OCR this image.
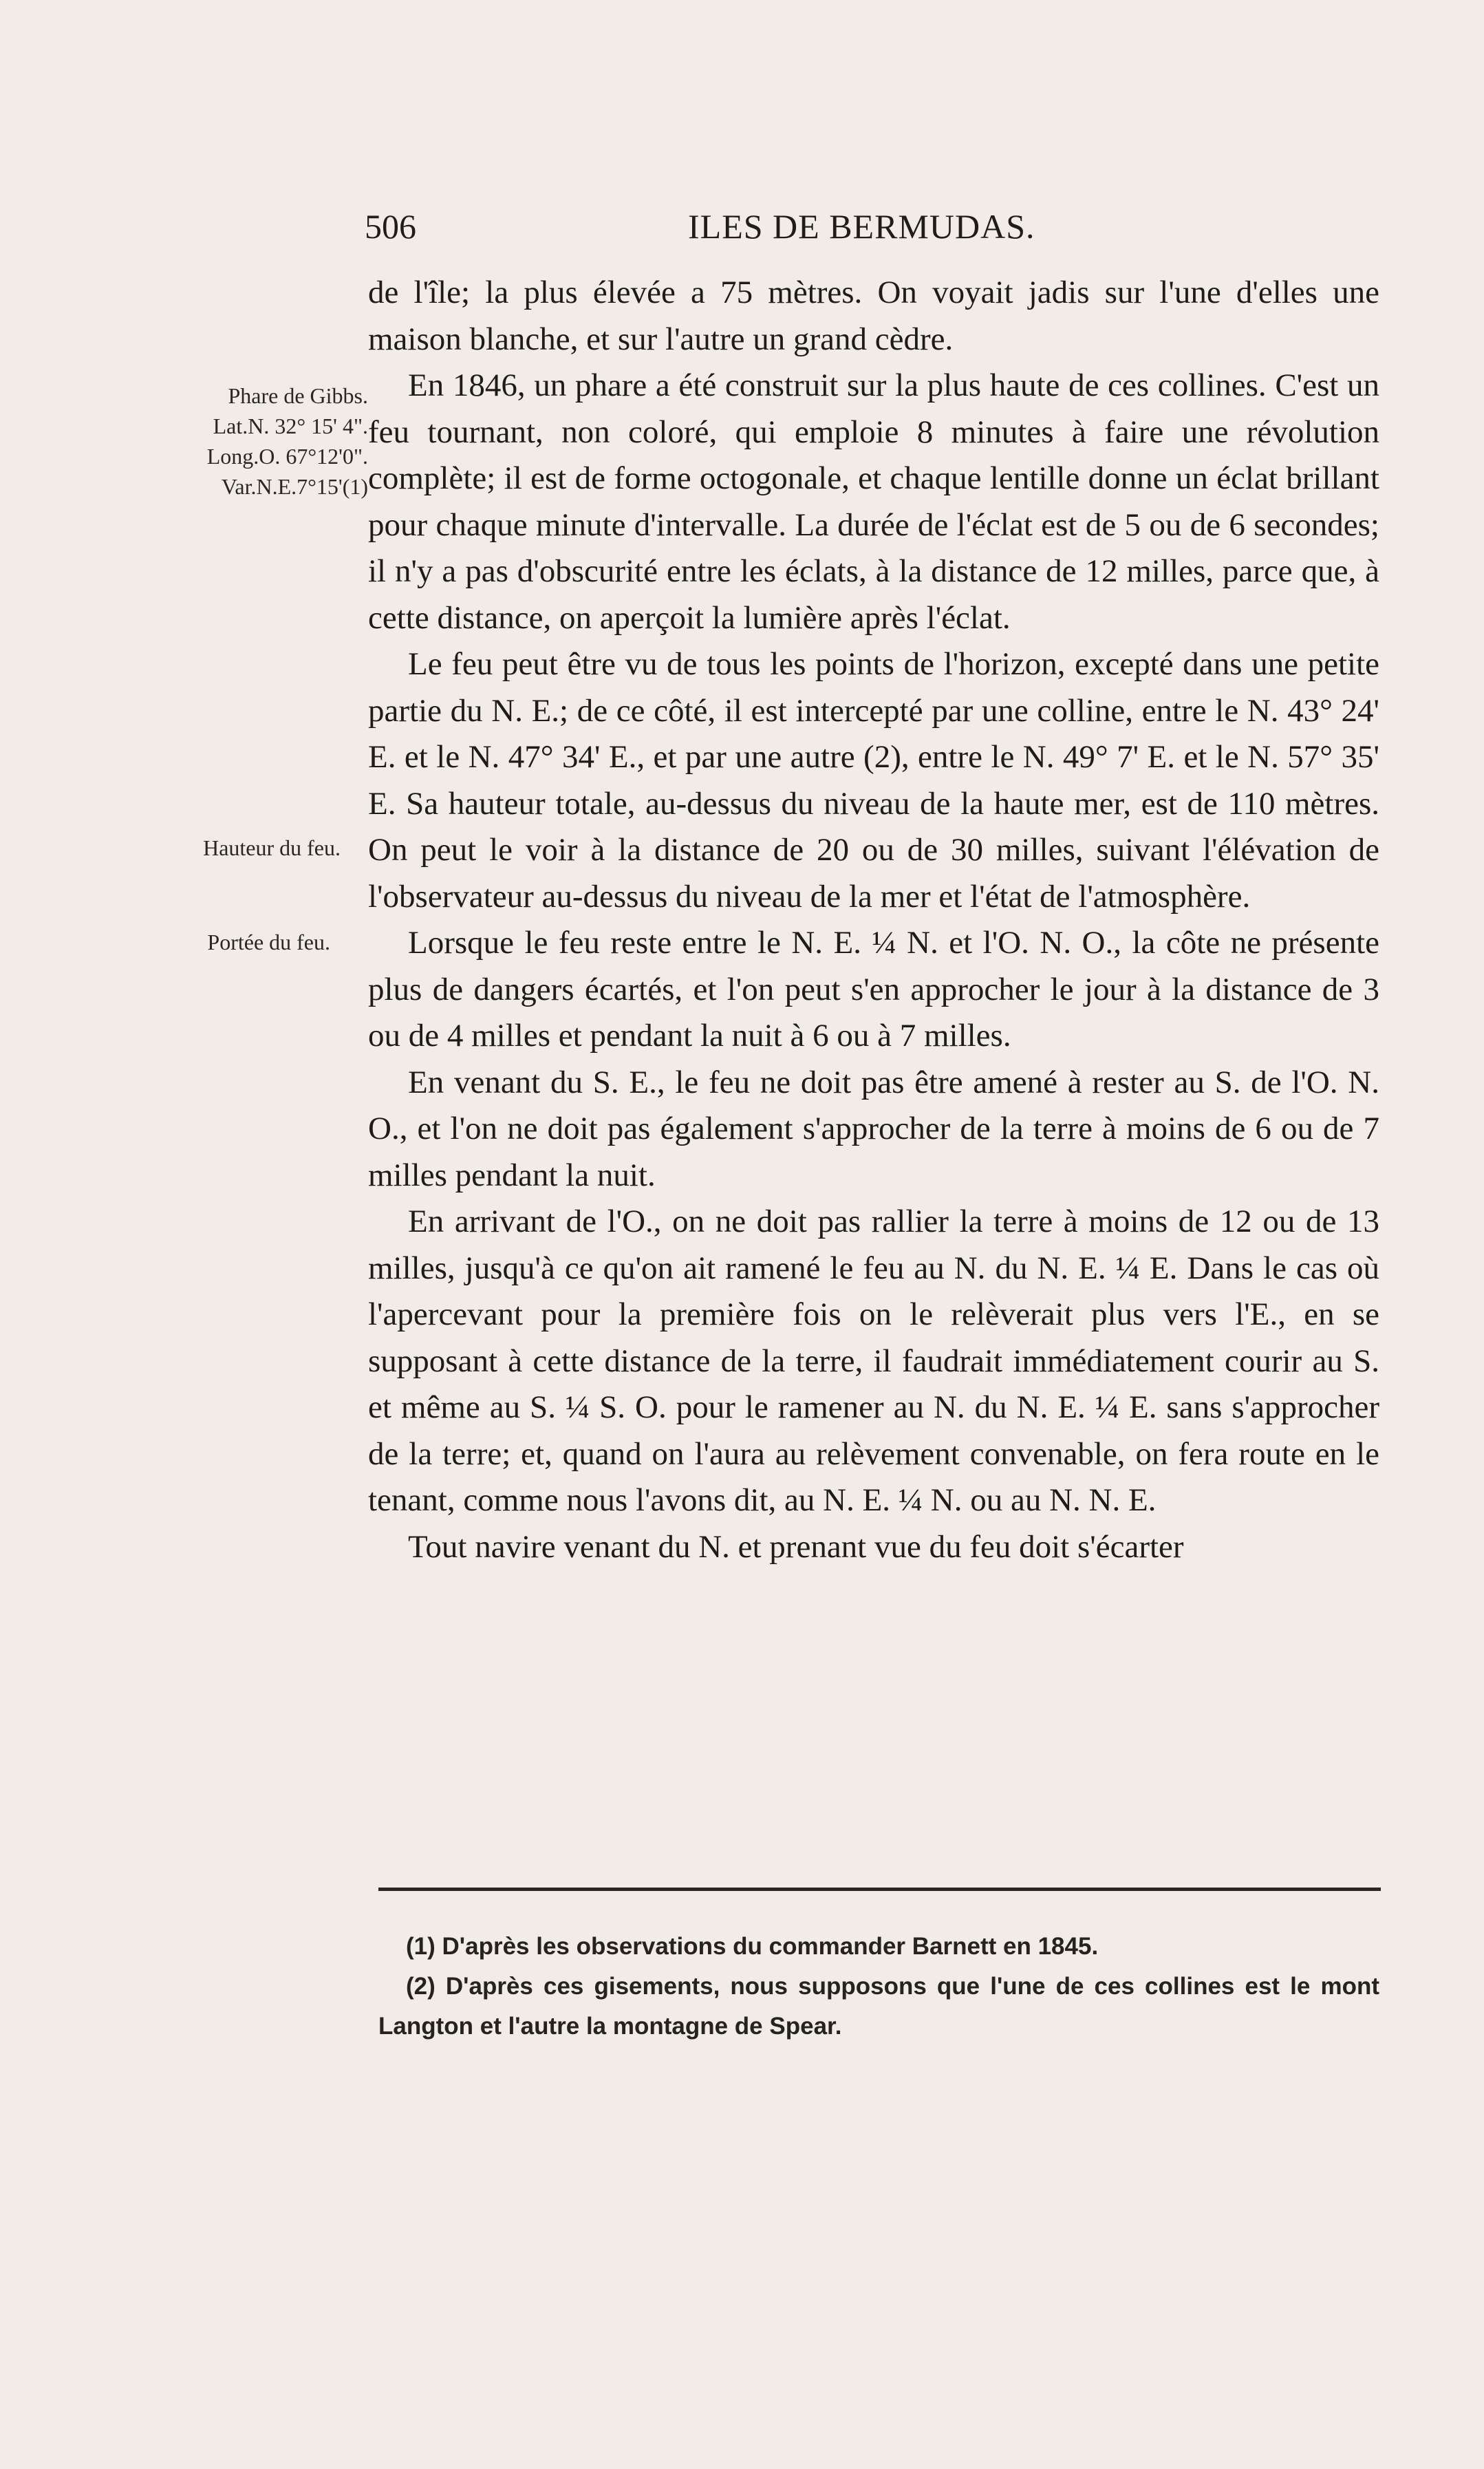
506	ILES DE BERMUDAS.
Phare de Gibbs.
Lat.N. 32° 15' 4".
Long.O. 67°12'0".
Var.N.E.7°15'(1)
Hauteur du feu.
Portée du feu.

de l'île; la plus élevée a 75 mètres. On voyait jadis sur l'une d'elles une maison blanche, et sur l'autre un grand cèdre.

En 1846, un phare a été construit sur la plus haute de ces collines. C'est un feu tournant, non coloré, qui emploie 8 minutes à faire une révolution complète; il est de forme octogonale, et chaque lentille donne un éclat brillant pour chaque minute d'intervalle. La durée de l'éclat est de 5 ou de 6 secondes; il n'y a pas d'obscurité entre les éclats, à la distance de 12 milles, parce que, à cette distance, on aperçoit la lumière après l'éclat.

Le feu peut être vu de tous les points de l'horizon, excepté dans une petite partie du N. E.; de ce côté, il est intercepté par une colline, entre le N. 43° 24' E. et le N. 47° 34' E., et par une autre (2), entre le N. 49° 7' E. et le N. 57° 35' E. Sa hauteur totale, au-dessus du niveau de la haute mer, est de 110 mètres. On peut le voir à la distance de 20 ou de 30 milles, suivant l'élévation de l'observateur au-dessus du niveau de la mer et l'état de l'atmosphère.

Lorsque le feu reste entre le N. E. ¼ N. et l'O. N. O., la côte ne présente plus de dangers écartés, et l'on peut s'en approcher le jour à la distance de 3 ou de 4 milles et pendant la nuit à 6 ou à 7 milles.

En venant du S. E., le feu ne doit pas être amené à rester au S. de l'O. N. O., et l'on ne doit pas également s'approcher de la terre à moins de 6 ou de 7 milles pendant la nuit.

En arrivant de l'O., on ne doit pas rallier la terre à moins de 12 ou de 13 milles, jusqu'à ce qu'on ait ramené le feu au N. du N. E. ¼ E. Dans le cas où l'apercevant pour la première fois on le relèverait plus vers l'E., en se supposant à cette distance de la terre, il faudrait immédiatement courir au S. et même au S. ¼ S. O. pour le ramener au N. du N. E. ¼ E. sans s'approcher de la terre; et, quand on l'aura au relèvement convenable, on fera route en le tenant, comme nous l'avons dit, au N. E. ¼ N. ou au N. N. E.

Tout navire venant du N. et prenant vue du feu doit s'écarter

(1) D'après les observations du commander Barnett en 1845.

(2) D'après ces gisements, nous supposons que l'une de ces collines est le mont Langton et l'autre la montagne de Spear.
